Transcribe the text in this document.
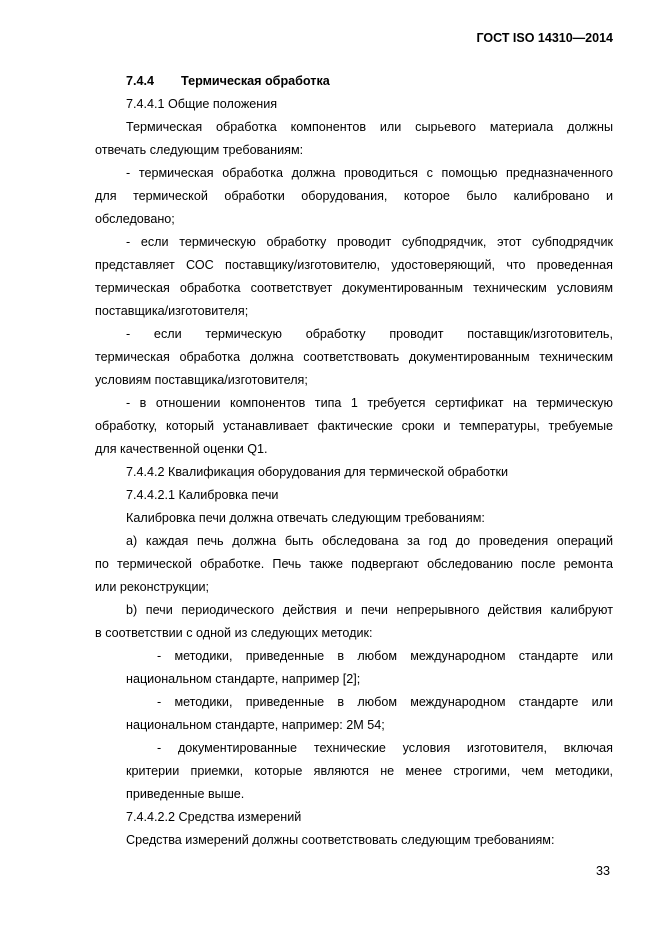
ГОСТ ISO 14310—2014
7.4.4 Термическая обработка
7.4.4.1 Общие положения
Термическая обработка компонентов или сырьевого материала должны
отвечать следующим требованиям:
- термическая обработка должна проводиться с помощью предназначенного
для термической обработки оборудования, которое было калибровано и
обследовано;
- если термическую обработку проводит субподрядчик, этот субподрядчик
представляет СОС поставщику/изготовителю, удостоверяющий, что проведенная
термическая обработка соответствует документированным техническим условиям
поставщика/изготовителя;
- если термическую обработку проводит поставщик/изготовитель,
термическая обработка должна соответствовать документированным техническим
условиям поставщика/изготовителя;
- в отношении компонентов типа 1 требуется сертификат на термическую
обработку, который устанавливает фактические сроки и температуры, требуемые
для качественной оценки Q1.
7.4.4.2 Квалификация оборудования для термической обработки
7.4.4.2.1 Калибровка печи
Калибровка печи должна отвечать следующим требованиям:
a) каждая печь должна быть обследована за год до проведения операций
по термической обработке. Печь также подвергают обследованию после ремонта
или реконструкции;
b) печи периодического действия и печи непрерывного действия калибруют
в соответствии с одной из следующих методик:
- методики, приведенные в любом международном стандарте или
национальном стандарте, например [2];
- методики, приведенные в любом международном стандарте или
национальном стандарте, например: 2М 54;
- документированные технические условия изготовителя, включая
критерии приемки, которые являются не менее строгими, чем методики,
приведенные выше.
7.4.4.2.2 Средства измерений
Средства измерений должны соответствовать следующим требованиям:
33
